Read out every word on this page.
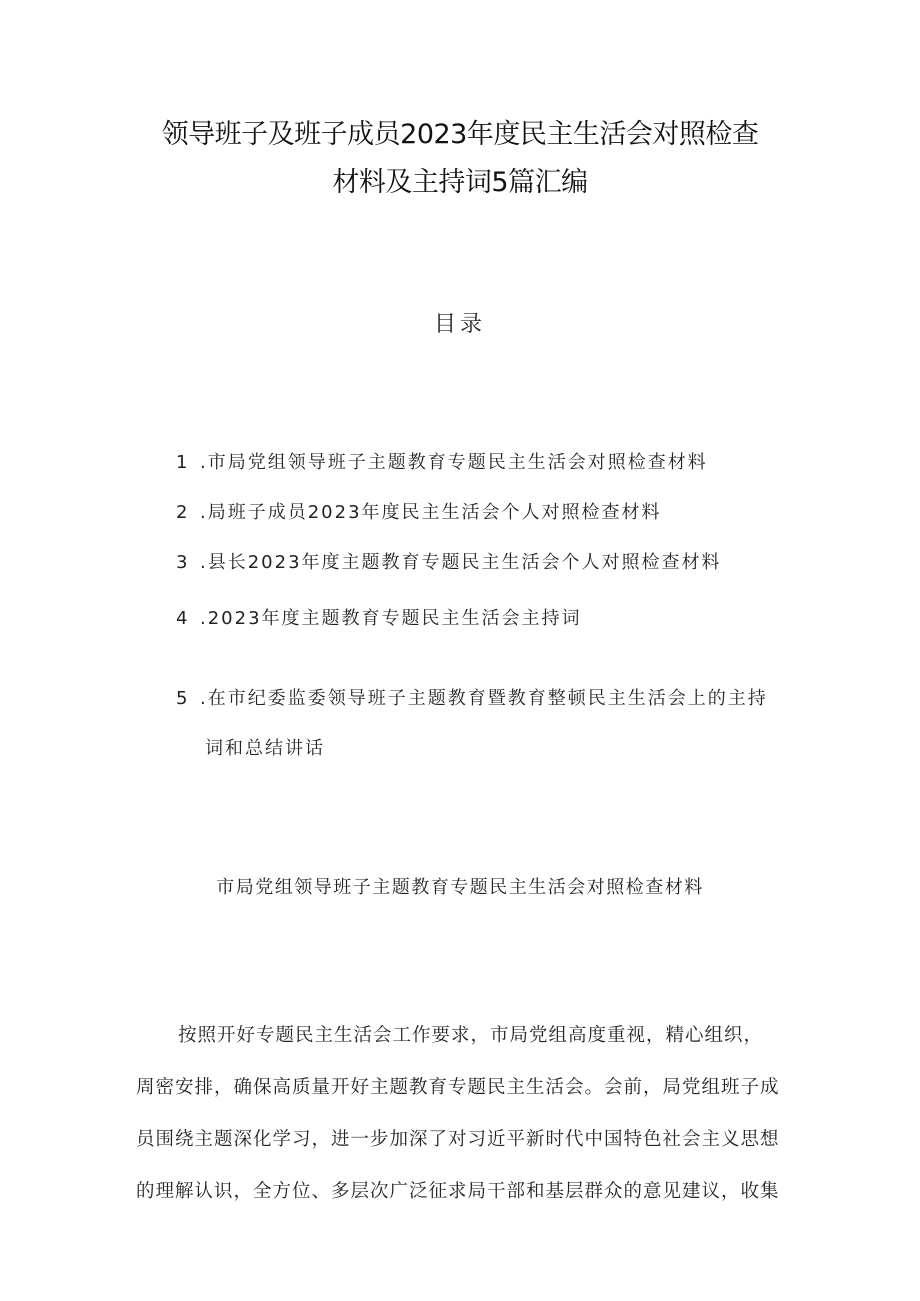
领导班子及班子成员2023年度民主生活会对照检查
材料及主持词5篇汇编
目录
1 .市局党组领导班子主题教育专题民主生活会对照检查材料
2 .局班子成员2023年度民主生活会个人对照检查材料
3 .县长2023年度主题教育专题民主生活会个人对照检查材料
4 .2023年度主题教育专题民主生活会主持词
5 .在市纪委监委领导班子主题教育暨教育整顿民主生活会上的主持
词和总结讲话
市局党组领导班子主题教育专题民主生活会对照检查材料
按照开好专题民主生活会工作要求，市局党组高度重视，精心组织，
周密安排，确保高质量开好主题教育专题民主生活会。会前，局党组班子成
员围绕主题深化学习，进一步加深了对习近平新时代中国特色社会主义思想
的理解认识，全方位、多层次广泛征求局干部和基层群众的意见建议，收集
